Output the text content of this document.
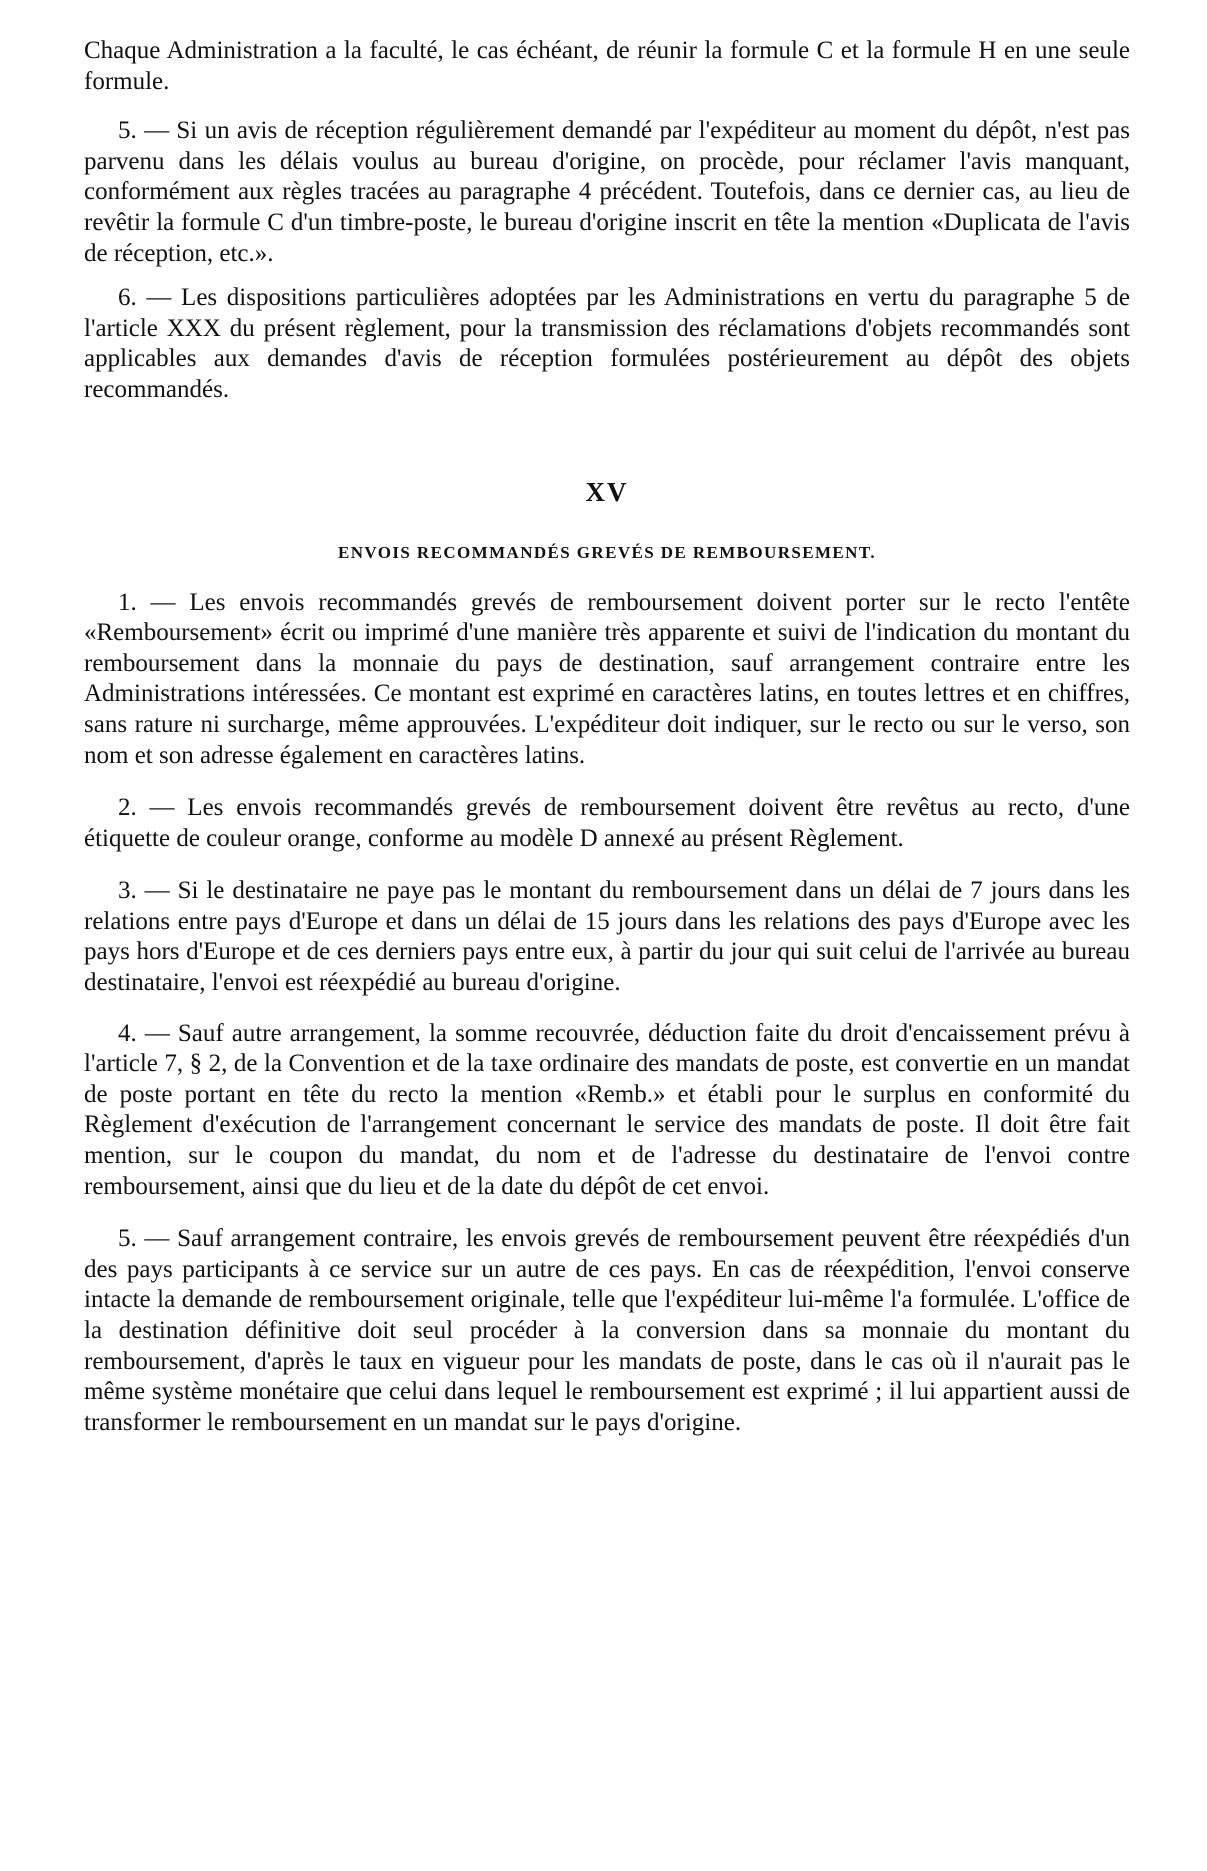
Chaque Administration a la faculté, le cas échéant, de réunir la formule C et la formule H en une seule formule.

5. — Si un avis de réception régulièrement demandé par l'expéditeur au moment du dépôt, n'est pas parvenu dans les délais voulus au bureau d'origine, on procède, pour réclamer l'avis manquant, conformément aux règles tracées au paragraphe 4 précédent. Toutefois, dans ce dernier cas, au lieu de revêtir la formule C d'un timbre-poste, le bureau d'origine inscrit en tête la mention «Duplicata de l'avis de réception, etc.».

6. — Les dispositions particulières adoptées par les Administrations en vertu du paragraphe 5 de l'article XXX du présent règlement, pour la transmission des réclamations d'objets recommandés sont applicables aux demandes d'avis de réception formulées postérieurement au dépôt des objets recommandés.

XV
ENVOIS RECOMMANDÉS GREVÉS DE REMBOURSEMENT.

1. — Les envois recommandés grevés de remboursement doivent porter sur le recto l'entête «Remboursement» écrit ou imprimé d'une manière très apparente et suivi de l'indication du montant du remboursement dans la monnaie du pays de destination, sauf arrangement contraire entre les Administrations intéressées. Ce montant est exprimé en caractères latins, en toutes lettres et en chiffres, sans rature ni surcharge, même approuvées. L'expéditeur doit indiquer, sur le recto ou sur le verso, son nom et son adresse également en caractères latins.

2. — Les envois recommandés grevés de remboursement doivent être revêtus au recto, d'une étiquette de couleur orange, conforme au modèle D annexé au présent Règlement.

3. — Si le destinataire ne paye pas le montant du remboursement dans un délai de 7 jours dans les relations entre pays d'Europe et dans un délai de 15 jours dans les relations des pays d'Europe avec les pays hors d'Europe et de ces derniers pays entre eux, à partir du jour qui suit celui de l'arrivée au bureau destinataire, l'envoi est réexpédié au bureau d'origine.

4. — Sauf autre arrangement, la somme recouvrée, déduction faite du droit d'encaissement prévu à l'article 7, § 2, de la Convention et de la taxe ordinaire des mandats de poste, est convertie en un mandat de poste portant en tête du recto la mention «Remb.» et établi pour le surplus en conformité du Règlement d'exécution de l'arrangement concernant le service des mandats de poste. Il doit être fait mention, sur le coupon du mandat, du nom et de l'adresse du destinataire de l'envoi contre remboursement, ainsi que du lieu et de la date du dépôt de cet envoi.

5. — Sauf arrangement contraire, les envois grevés de remboursement peuvent être réexpédiés d'un des pays participants à ce service sur un autre de ces pays. En cas de réexpédition, l'envoi conserve intacte la demande de remboursement originale, telle que l'expéditeur lui-même l'a formulée. L'office de la destination définitive doit seul procéder à la conversion dans sa monnaie du montant du remboursement, d'après le taux en vigueur pour les mandats de poste, dans le cas où il n'aurait pas le même système monétaire que celui dans lequel le remboursement est exprimé ; il lui appartient aussi de transformer le remboursement en un mandat sur le pays d'origine.
